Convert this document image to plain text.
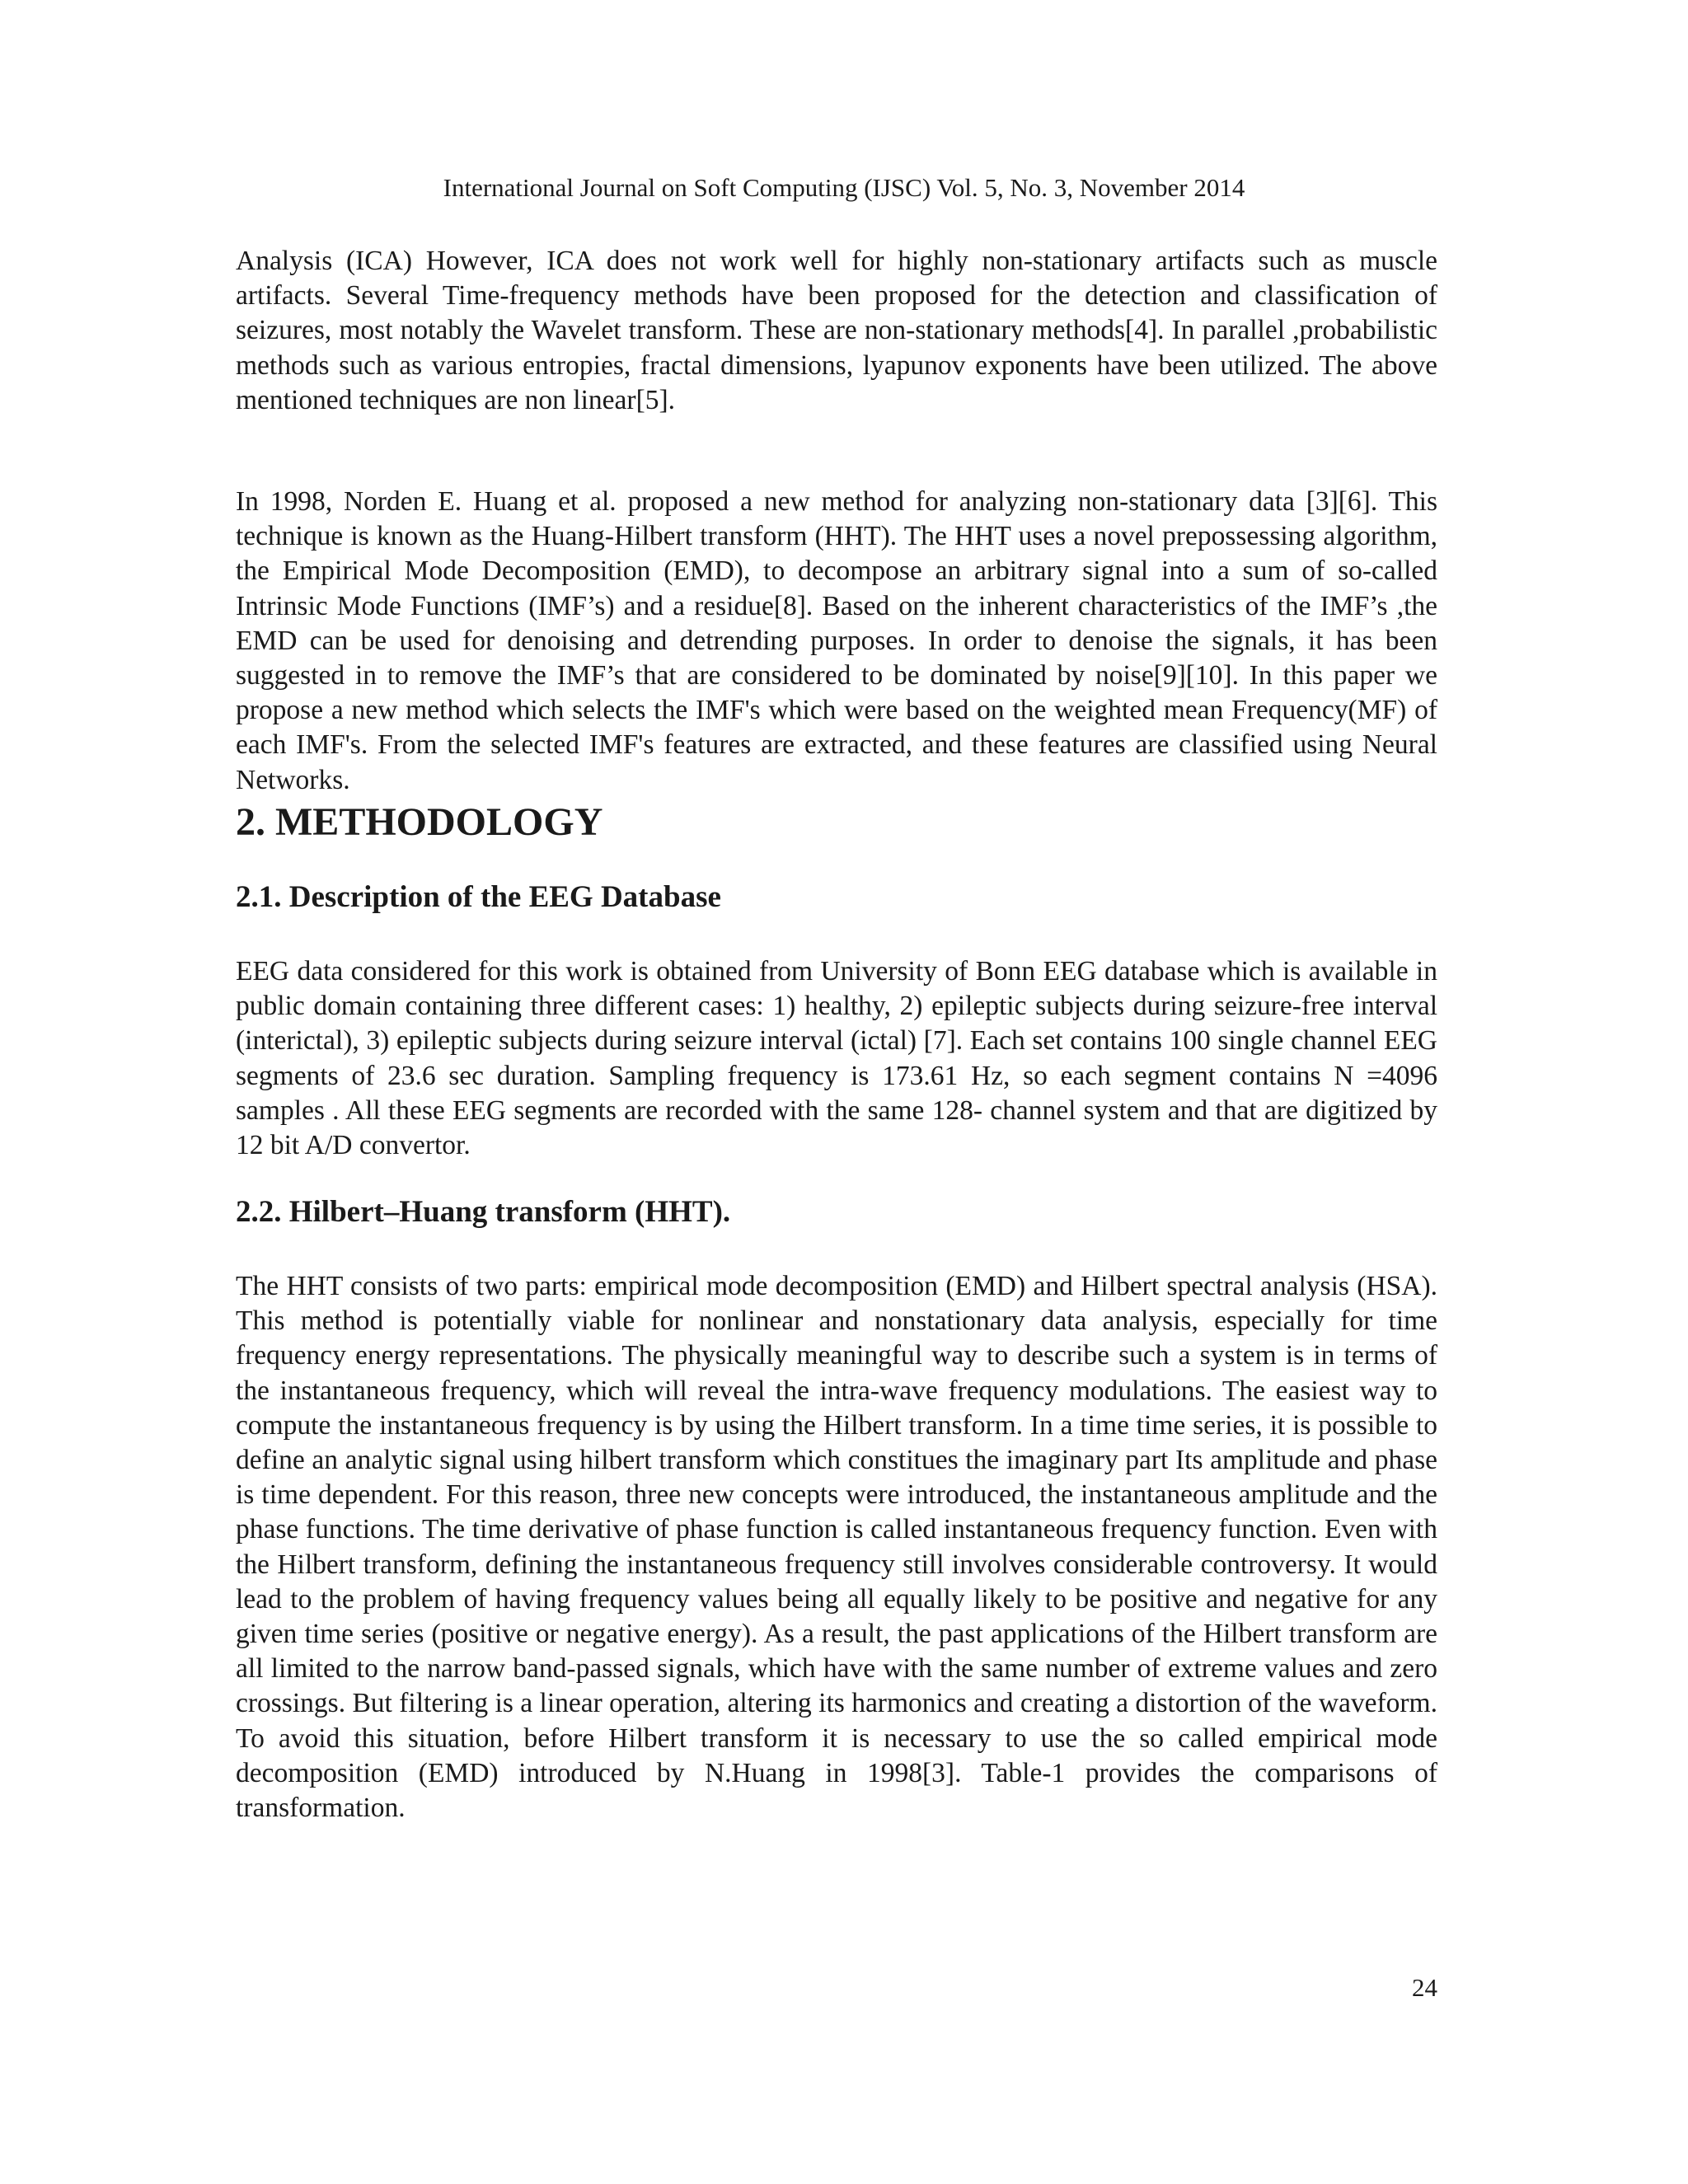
International Journal on Soft Computing (IJSC) Vol. 5, No. 3, November 2014

Analysis (ICA) However, ICA does not work well for highly non-stationary artifacts such as muscle artifacts. Several Time-frequency methods have been proposed for the detection and classification of seizures, most notably the Wavelet transform. These are non-stationary methods[4]. In parallel ,probabilistic methods such as various entropies, fractal dimensions, lyapunov exponents have been utilized. The above mentioned techniques are non linear[5].

In 1998, Norden E. Huang et al. proposed a new method for analyzing non-stationary data [3][6]. This technique is known as the Huang-Hilbert transform (HHT). The HHT uses a novel prepossessing algorithm, the Empirical Mode Decomposition (EMD), to decompose an arbitrary signal into a sum of so-called Intrinsic Mode Functions (IMF’s) and a residue[8]. Based on the inherent characteristics of the IMF’s ,the EMD can be used for denoising and detrending purposes. In order to denoise the signals, it has been suggested in to remove the IMF’s that are considered to be dominated by noise[9][10]. In this paper we propose a new method which selects the IMF's which were based on the weighted mean Frequency(MF) of each IMF's. From the selected IMF's features are extracted, and these features are classified using Neural Networks.

2. METHODOLOGY
2.1. Description of the EEG Database

EEG data considered for this work is obtained from University of Bonn EEG database which is available in public domain containing three different cases: 1) healthy, 2) epileptic subjects during seizure-free interval (interictal), 3) epileptic subjects during seizure interval (ictal) [7]. Each set contains 100 single channel EEG segments of 23.6 sec duration. Sampling frequency is 173.61 Hz, so each segment contains N =4096 samples . All these EEG segments are recorded with the same 128- channel system and that are digitized by 12 bit A/D convertor.

2.2. Hilbert–Huang transform (HHT).

The HHT consists of two parts: empirical mode decomposition (EMD) and Hilbert spectral analysis (HSA). This method is potentially viable for nonlinear and nonstationary data analysis, especially for time frequency energy representations. The physically meaningful way to describe such a system is in terms of the instantaneous frequency, which will reveal the intra-wave frequency modulations. The easiest way to compute the instantaneous frequency is by using the Hilbert transform. In a time time series, it is possible to define an analytic signal using hilbert transform which constitues the imaginary part Its amplitude and phase is time dependent. For this reason, three new concepts were introduced, the instantaneous amplitude and the phase functions. The time derivative of phase function is called instantaneous frequency function. Even with the Hilbert transform, defining the instantaneous frequency still involves considerable controversy. It would lead to the problem of having frequency values being all equally likely to be positive and negative for any given time series (positive or negative energy). As a result, the past applications of the Hilbert transform are all limited to the narrow band-passed signals, which have with the same number of extreme values and zero crossings. But filtering is a linear operation, altering its harmonics and creating a distortion of the waveform. To avoid this situation, before Hilbert transform it is necessary to use the so called empirical mode decomposition (EMD) introduced by N.Huang in 1998[3]. Table-1 provides the comparisons of transformation.

24
